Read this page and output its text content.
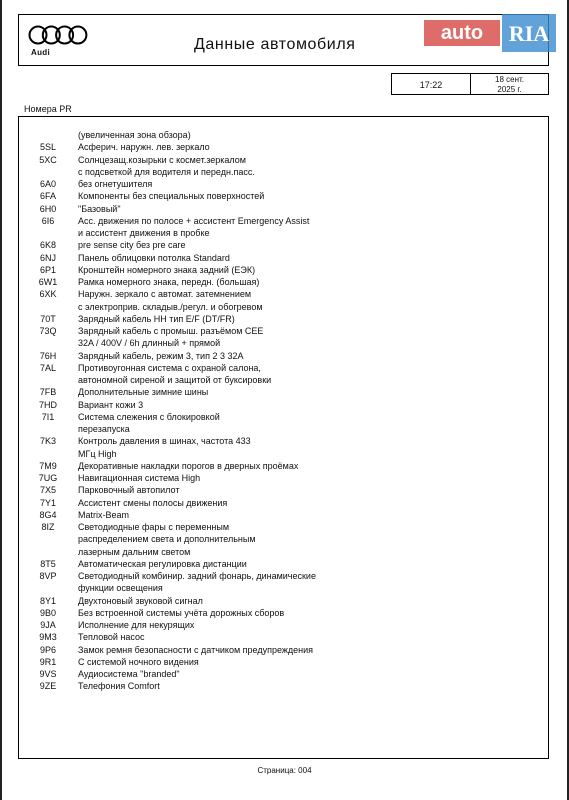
Audi	Данные автомобиля
auto	RIA
17:22
18 сент.
2025 г.
Номера PR
(увеличенная зона обзора)
5SL	Асферич. наружн. лев. зеркало
5XC	Солнцезащ.козырьки с космет.зеркалом
с подсветкой для водителя и передн.пасс.
6A0	без огнетушителя
6FA	Компоненты без специальных поверхностей
6H0	"Базовый"
6I6	Асс. движения по полосе + ассистент Emergency Assist
и ассистент движения в пробке
6K8	pre sense city без pre care
6NJ	Панель облицовки потолка Standard
6P1	Кронштейн номерного знака задний (ЕЭК)
6W1	Рамка номерного знака, передн. (большая)
6XK	Наружн. зеркало с автомат. затемнением
с электроприв. складыв./регул. и обогревом
70T	Зарядный кабель НН тип E/F (DT/FR)
73Q	Зарядный кабель с промыш. разъёмом CEE
32A / 400V / 6h длинный + прямой
76H	Зарядный кабель, режим 3, тип 2 3 32A
7AL	Противоугонная система с охраной салона,
автономной сиреной и защитой от буксировки
7FB	Дополнительные зимние шины
7HD	Вариант кожи 3
7I1	Система слежения с блокировкой
перезапуска
7K3	Контроль давления в шинах, частота 433
МГц High
7M9	Декоративные накладки порогов в дверных проёмах
7UG	Навигационная система High
7X5	Парковочный автопилот
7Y1	Ассистент смены полосы движения
8G4	Matrix-Beam
8IZ	Светодиодные фары с переменным
распределением света и дополнительным
лазерным дальним светом
8T5	Автоматическая регулировка дистанции
8VP	Светодиодный комбинир. задний фонарь, динамические
функции освещения
8Y1	Двухтоновый звуковой сигнал
9B0	Без встроенной системы учёта дорожных сборов
9JA	Исполнение для некурящих
9M3	Тепловой насос
9P6	Замок ремня безопасности с датчиком предупреждения
9R1	С системой ночного видения
9VS	Аудиосистема "branded"
9ZE	Телефония Comfort
Страница: 004
